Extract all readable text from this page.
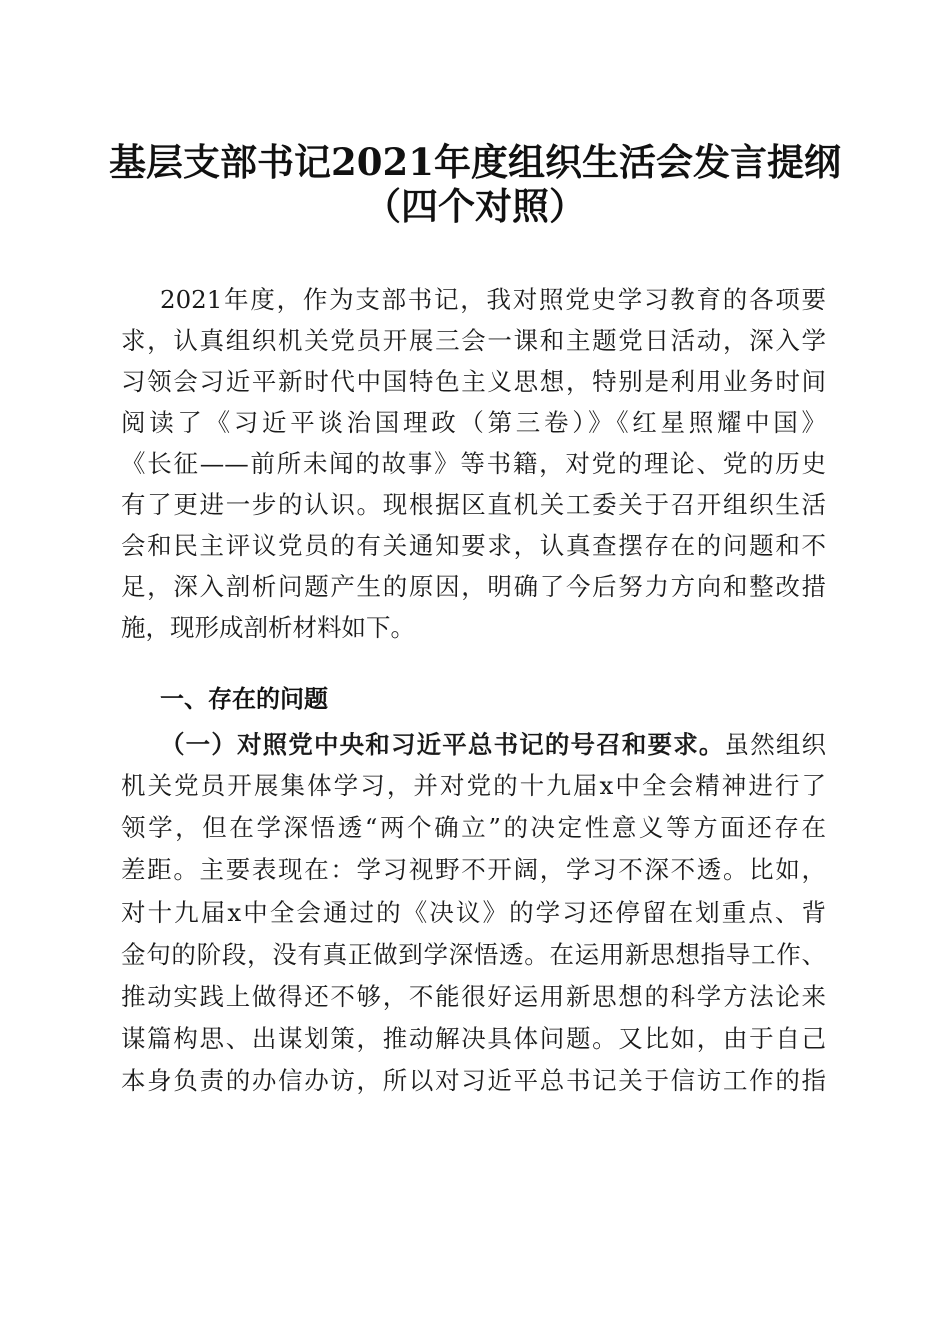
基层支部书记2021年度组织生活会发言提纲
（四个对照）
2021年度，作为支部书记，我对照党史学习教育的各项要
求，认真组织机关党员开展三会一课和主题党日活动，深入学
习领会习近平新时代中国特色主义思想，特别是利用业务时间
阅读了《习近平谈治国理政（第三卷）》《红星照耀中国》
《长征——前所未闻的故事》等书籍，对党的理论、党的历史
有了更进一步的认识。现根据区直机关工委关于召开组织生活
会和民主评议党员的有关通知要求，认真查摆存在的问题和不
足，深入剖析问题产生的原因，明确了今后努力方向和整改措
施，现形成剖析材料如下。
一、存在的问题
（一）对照党中央和习近平总书记的号召和要求。虽然组织
机关党员开展集体学习，并对党的十九届x中全会精神进行了
领学，但在学深悟透“两个确立”的决定性意义等方面还存在
差距。主要表现在：学习视野不开阔，学习不深不透。比如，
对十九届x中全会通过的《决议》的学习还停留在划重点、背
金句的阶段，没有真正做到学深悟透。在运用新思想指导工作、
推动实践上做得还不够，不能很好运用新思想的科学方法论来
谋篇构思、出谋划策，推动解决具体问题。又比如，由于自己
本身负责的办信办访，所以对习近平总书记关于信访工作的指
